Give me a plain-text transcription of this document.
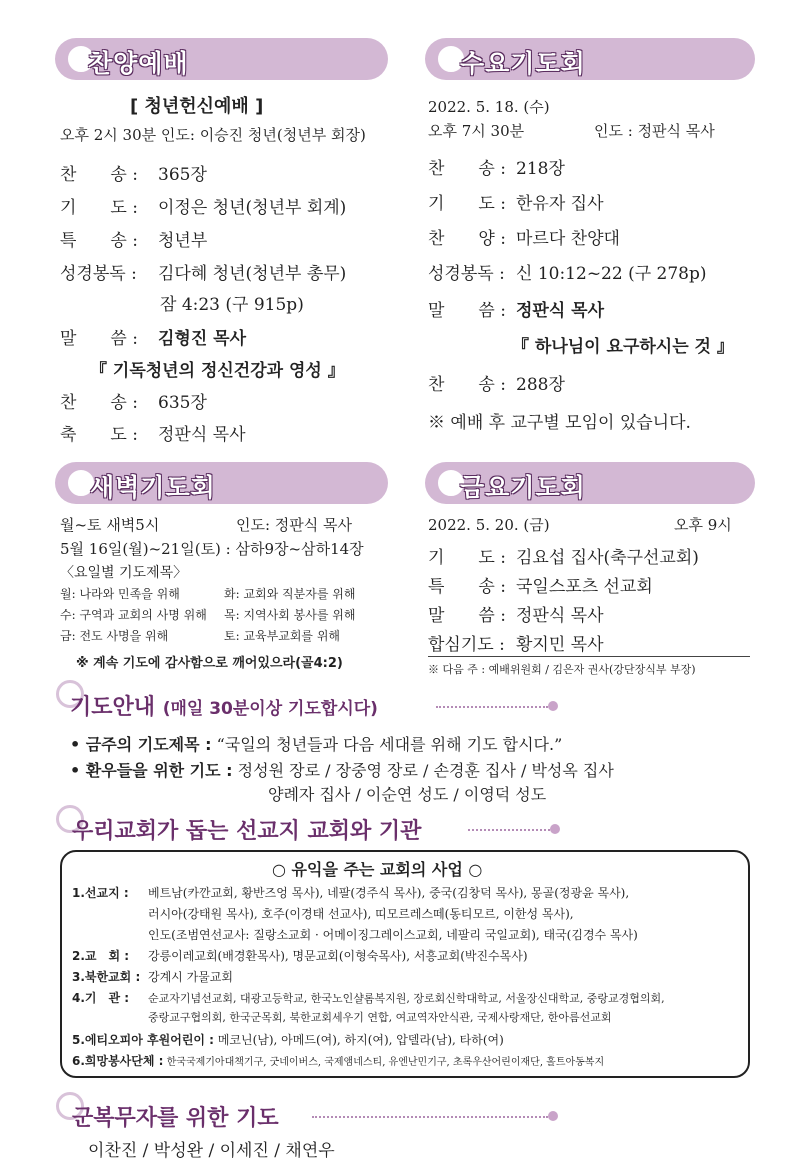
찬양예배
[ 청년헌신예배 ]
오후 2시 30분 인도: 이승진 청년(청년부 회장)
찬　　송 : 365장
기　　도 : 이정은 청년(청년부 회계)
특　　송 : 청년부
성경봉독 : 김다혜 청년(청년부 총무)
잠 4:23 (구 915p)
말　　씀 : 김형진 목사
『 기독청년의 정신건강과 영성 』
찬　　송 : 635장
축　　도 : 정판식 목사
수요기도회
2022. 5. 18. (수)
오후 7시 30분	인도 : 정판식 목사
찬　　송 : 218장
기　　도 : 한유자 집사
찬　　양 : 마르다 찬양대
성경봉독 : 신 10:12~22 (구 278p)
말　　씀 : 정판식 목사
『 하나님이 요구하시는 것 』
찬　　송 : 288장
※ 예배 후 교구별 모임이 있습니다.
새벽기도회
월~토 새벽5시	인도: 정판식 목사
5월 16일(월)~21일(토) : 삼하9장~삼하14장
〈요일별 기도제목〉
월: 나라와 민족을 위해	화: 교회와 직분자를 위해
수: 구역과 교회의 사명 위해 목: 지역사회 봉사를 위해
금: 전도 사명을 위해	토: 교육부교회를 위해
※ 계속 기도에 감사함으로 깨어있으라(골4:2)
금요기도회
2022. 5. 20. (금)	오후 9시
기　　도 : 김요섭 집사(축구선교회)
특　　송 : 국일스포츠 선교회
말　　씀 : 정판식 목사
합심기도 : 황지민 목사
※ 다음 주 : 예배위원회 / 김은자 권사(강단장식부 부장)
기도안내 (매일 30분이상 기도합시다)
• 금주의 기도제목 : “국일의 청년들과 다음 세대를 위해 기도 합시다.”
• 환우들을 위한 기도 : 정성원 장로 / 장중영 장로 / 손경훈 집사 / 박성옥 집사
양례자 집사 / 이순연 성도 / 이영덕 성도
우리교회가 돕는 선교지 교회와 기관
○ 유익을 주는 교회의 사업 ○
1.선교지 : 베트남(카깐교회, 황반즈엉 목사), 네팔(경주식 목사), 중국(김창덕 목사), 몽골(정광윤 목사),
러시아(강태원 목사), 호주(이경태 선교사), 띠모르레스떼(동티모르, 이한성 목사),
인도(조범연선교사: 질랑소교회 · 어메이징그레이스교회, 네팔리 국일교회), 태국(김경수 목사)
2.교　회 : 강릉이레교회(배경환목사), 명문교회(이형숙목사), 서흥교회(박진수목사)
3.북한교회 : 강계시 가물교회
4.기　관 : 순교자기념선교회, 대광고등학교, 한국노인샬롬복지원, 장로회신학대학교, 서울장신대학교, 중랑교경협의회,
중랑교구협의회, 한국군목회, 북한교회세우기 연합, 여교역자안식관, 국제사랑재단, 한아름선교회
5.에티오피아 후원어린이 : 메코닌(남), 아메드(여), 하지(여), 압델라(남), 타하(여)
6.희망봉사단체 : 한국국제기아대책기구, 굿네이버스, 국제앰네스티, 유엔난민기구, 초록우산어린이재단, 홀트아동복지
군복무자를 위한 기도
이찬진 / 박성완 / 이세진 / 채연우
